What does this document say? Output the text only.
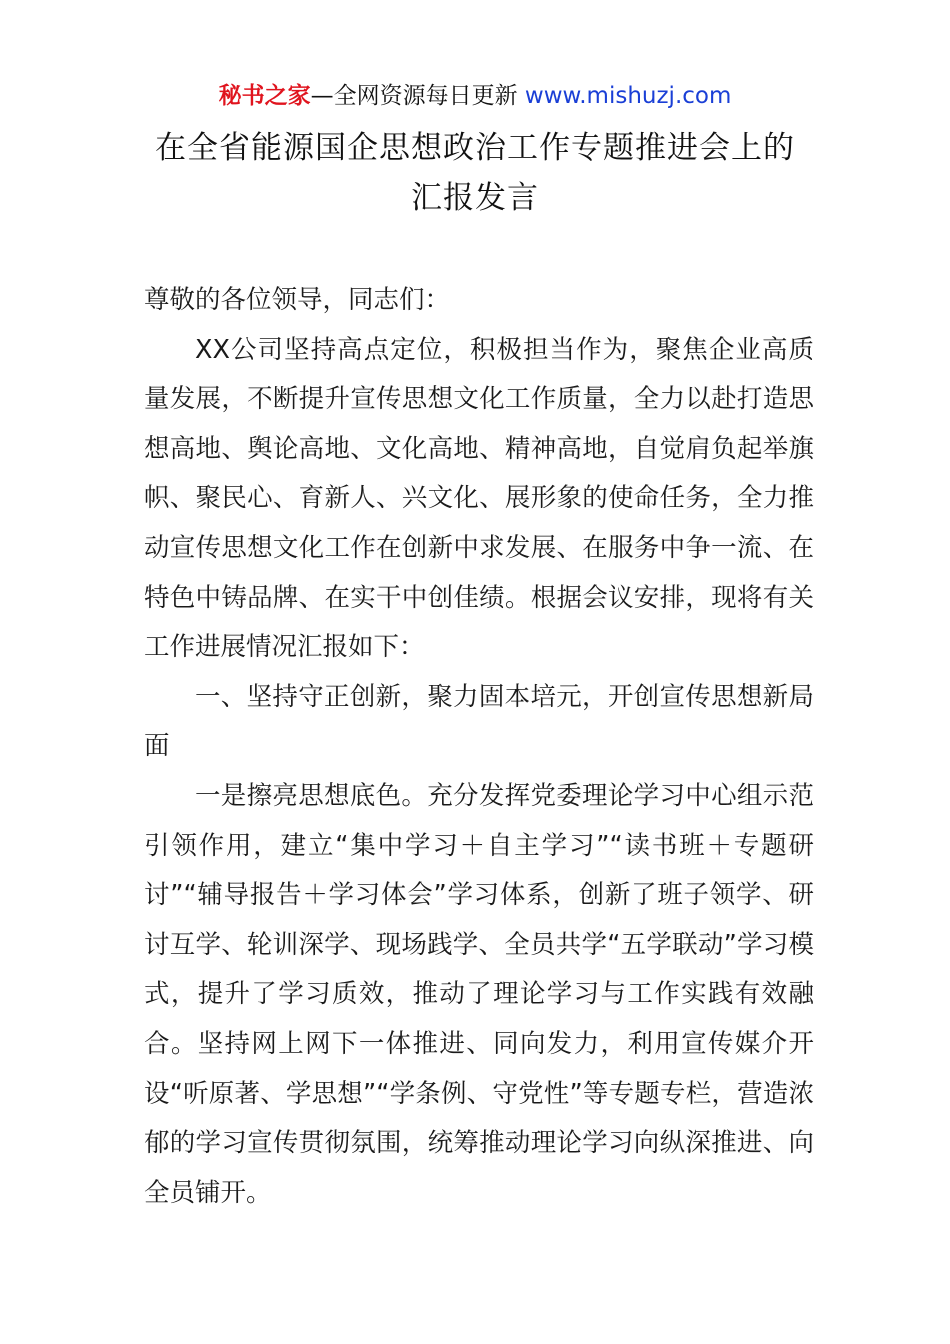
秘书之家—全网资源每日更新 www.mishuzj.com
在全省能源国企思想政治工作专题推进会上的
汇报发言

尊敬的各位领导，同志们：

XX公司坚持高点定位，积极担当作为，聚焦企业高质量发展，不断提升宣传思想文化工作质量，全力以赴打造思想高地、舆论高地、文化高地、精神高地，自觉肩负起举旗帜、聚民心、育新人、兴文化、展形象的使命任务，全力推动宣传思想文化工作在创新中求发展、在服务中争一流、在特色中铸品牌、在实干中创佳绩。根据会议安排，现将有关工作进展情况汇报如下：

一、坚持守正创新，聚力固本培元，开创宣传思想新局面

一是擦亮思想底色。充分发挥党委理论学习中心组示范引领作用，建立“集中学习＋自主学习”“读书班＋专题研讨”“辅导报告＋学习体会”学习体系，创新了班子领学、研讨互学、轮训深学、现场践学、全员共学“五学联动”学习模式，提升了学习质效，推动了理论学习与工作实践有效融合。坚持网上网下一体推进、同向发力，利用宣传媒介开设“听原著、学思想”“学条例、守党性”等专题专栏，营造浓郁的学习宣传贯彻氛围，统筹推动理论学习向纵深推进、向全员铺开。
